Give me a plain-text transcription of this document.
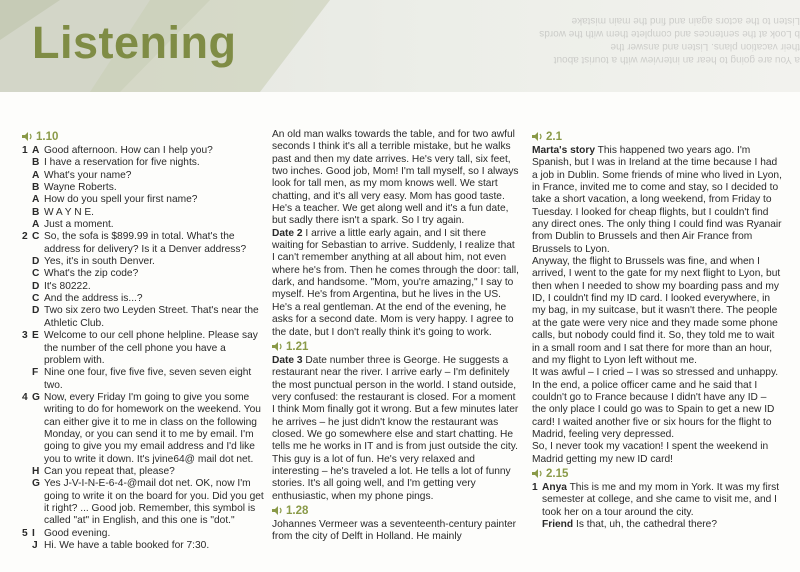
Listening	a You are going to hear an interview with a tourist about
their vacation plans. Listen and answer the
b Look at the sentences and complete them with the words
Listen to the actors again and find the main mistake
1.10
1 A Good afternoon. How can I help you?
B I have a reservation for five nights.
A What's your name?
B Wayne Roberts.
A How do you spell your first name?
B W A Y N E.
A Just a moment.
2 C So, the sofa is $899.99 in total. What's the address for delivery? Is it a Denver address?
D Yes, it's in south Denver.
C What's the zip code?
D It's 80222.
C And the address is...?
D Two six zero two Leyden Street. That's near the Athletic Club.
3 E Welcome to our cell phone helpline. Please say the number of the cell phone you have a problem with.
F Nine one four, five five five, seven seven eight two.
4 G Now, every Friday I'm going to give you some writing to do for homework on the weekend. You can either give it to me in class on the following Monday, or you can send it to me by email. I'm going to give you my email address and I'd like you to write it down. It's jvine64@ mail dot net.
H Can you repeat that, please?
G Yes J-V-I-N-E-6-4-@mail dot net. OK, now I'm going to write it on the board for you. Did you get it right? ... Good job. Remember, this symbol is called "at" in English, and this one is "dot."
5 I Good evening.
J Hi. We have a table booked for 7:30.

An old man walks towards the table, and for two awful seconds I think it's all a terrible mistake, but he walks past and then my date arrives. He's very tall, six feet, two inches. Good job, Mom! I'm tall myself, so I always look for tall men, as my mom knows well. We start chatting, and it's all very easy. Mom has good taste. He's a teacher. We get along well and it's a fun date, but sadly there isn't a spark. So I try again.

Date 2 I arrive a little early again, and I sit there waiting for Sebastian to arrive. Suddenly, I realize that I can't remember anything at all about him, not even where he's from. Then he comes through the door: tall, dark, and handsome. "Mom, you're amazing," I say to myself. He's from Argentina, but he lives in the US. He's a real gentleman. At the end of the evening, he asks for a second date. Mom is very happy. I agree to the date, but I don't really think it's going to work.

1.21

Date 3 Date number three is George. He suggests a restaurant near the river. I arrive early – I'm definitely the most punctual person in the world. I stand outside, very confused: the restaurant is closed. For a moment I think Mom finally got it wrong. But a few minutes later he arrives – he just didn't know the restaurant was closed. We go somewhere else and start chatting. He tells me he works in IT and is from just outside the city. This guy is a lot of fun. He's very relaxed and interesting – he's traveled a lot. He tells a lot of funny stories. It's all going well, and I'm getting very enthusiastic, when my phone pings.

1.28

Johannes Vermeer was a seventeenth-century painter from the city of Delft in Holland. He mainly

2.1

Marta's story This happened two years ago. I'm Spanish, but I was in Ireland at the time because I had a job in Dublin. Some friends of mine who lived in Lyon, in France, invited me to come and stay, so I decided to take a short vacation, a long weekend, from Friday to Tuesday. I looked for cheap flights, but I couldn't find any direct ones. The only thing I could find was Ryanair from Dublin to Brussels and then Air France from Brussels to Lyon.

Anyway, the flight to Brussels was fine, and when I arrived, I went to the gate for my next flight to Lyon, but then when I needed to show my boarding pass and my ID, I couldn't find my ID card. I looked everywhere, in my bag, in my suitcase, but it wasn't there. The people at the gate were very nice and they made some phone calls, but nobody could find it. So, they told me to wait in a small room and I sat there for more than an hour, and my flight to Lyon left without me.

It was awful – I cried – I was so stressed and unhappy. In the end, a police officer came and he said that I couldn't go to France because I didn't have any ID – the only place I could go was to Spain to get a new ID card! I waited another five or six hours for the flight to Madrid, feeling very depressed.

So, I never took my vacation! I spent the weekend in Madrid getting my new ID card!

2.15
1 Anya This is me and my mom in York. It was my first semester at college, and she came to visit me, and I took her on a tour around the city.
Friend Is that, uh, the cathedral there?
